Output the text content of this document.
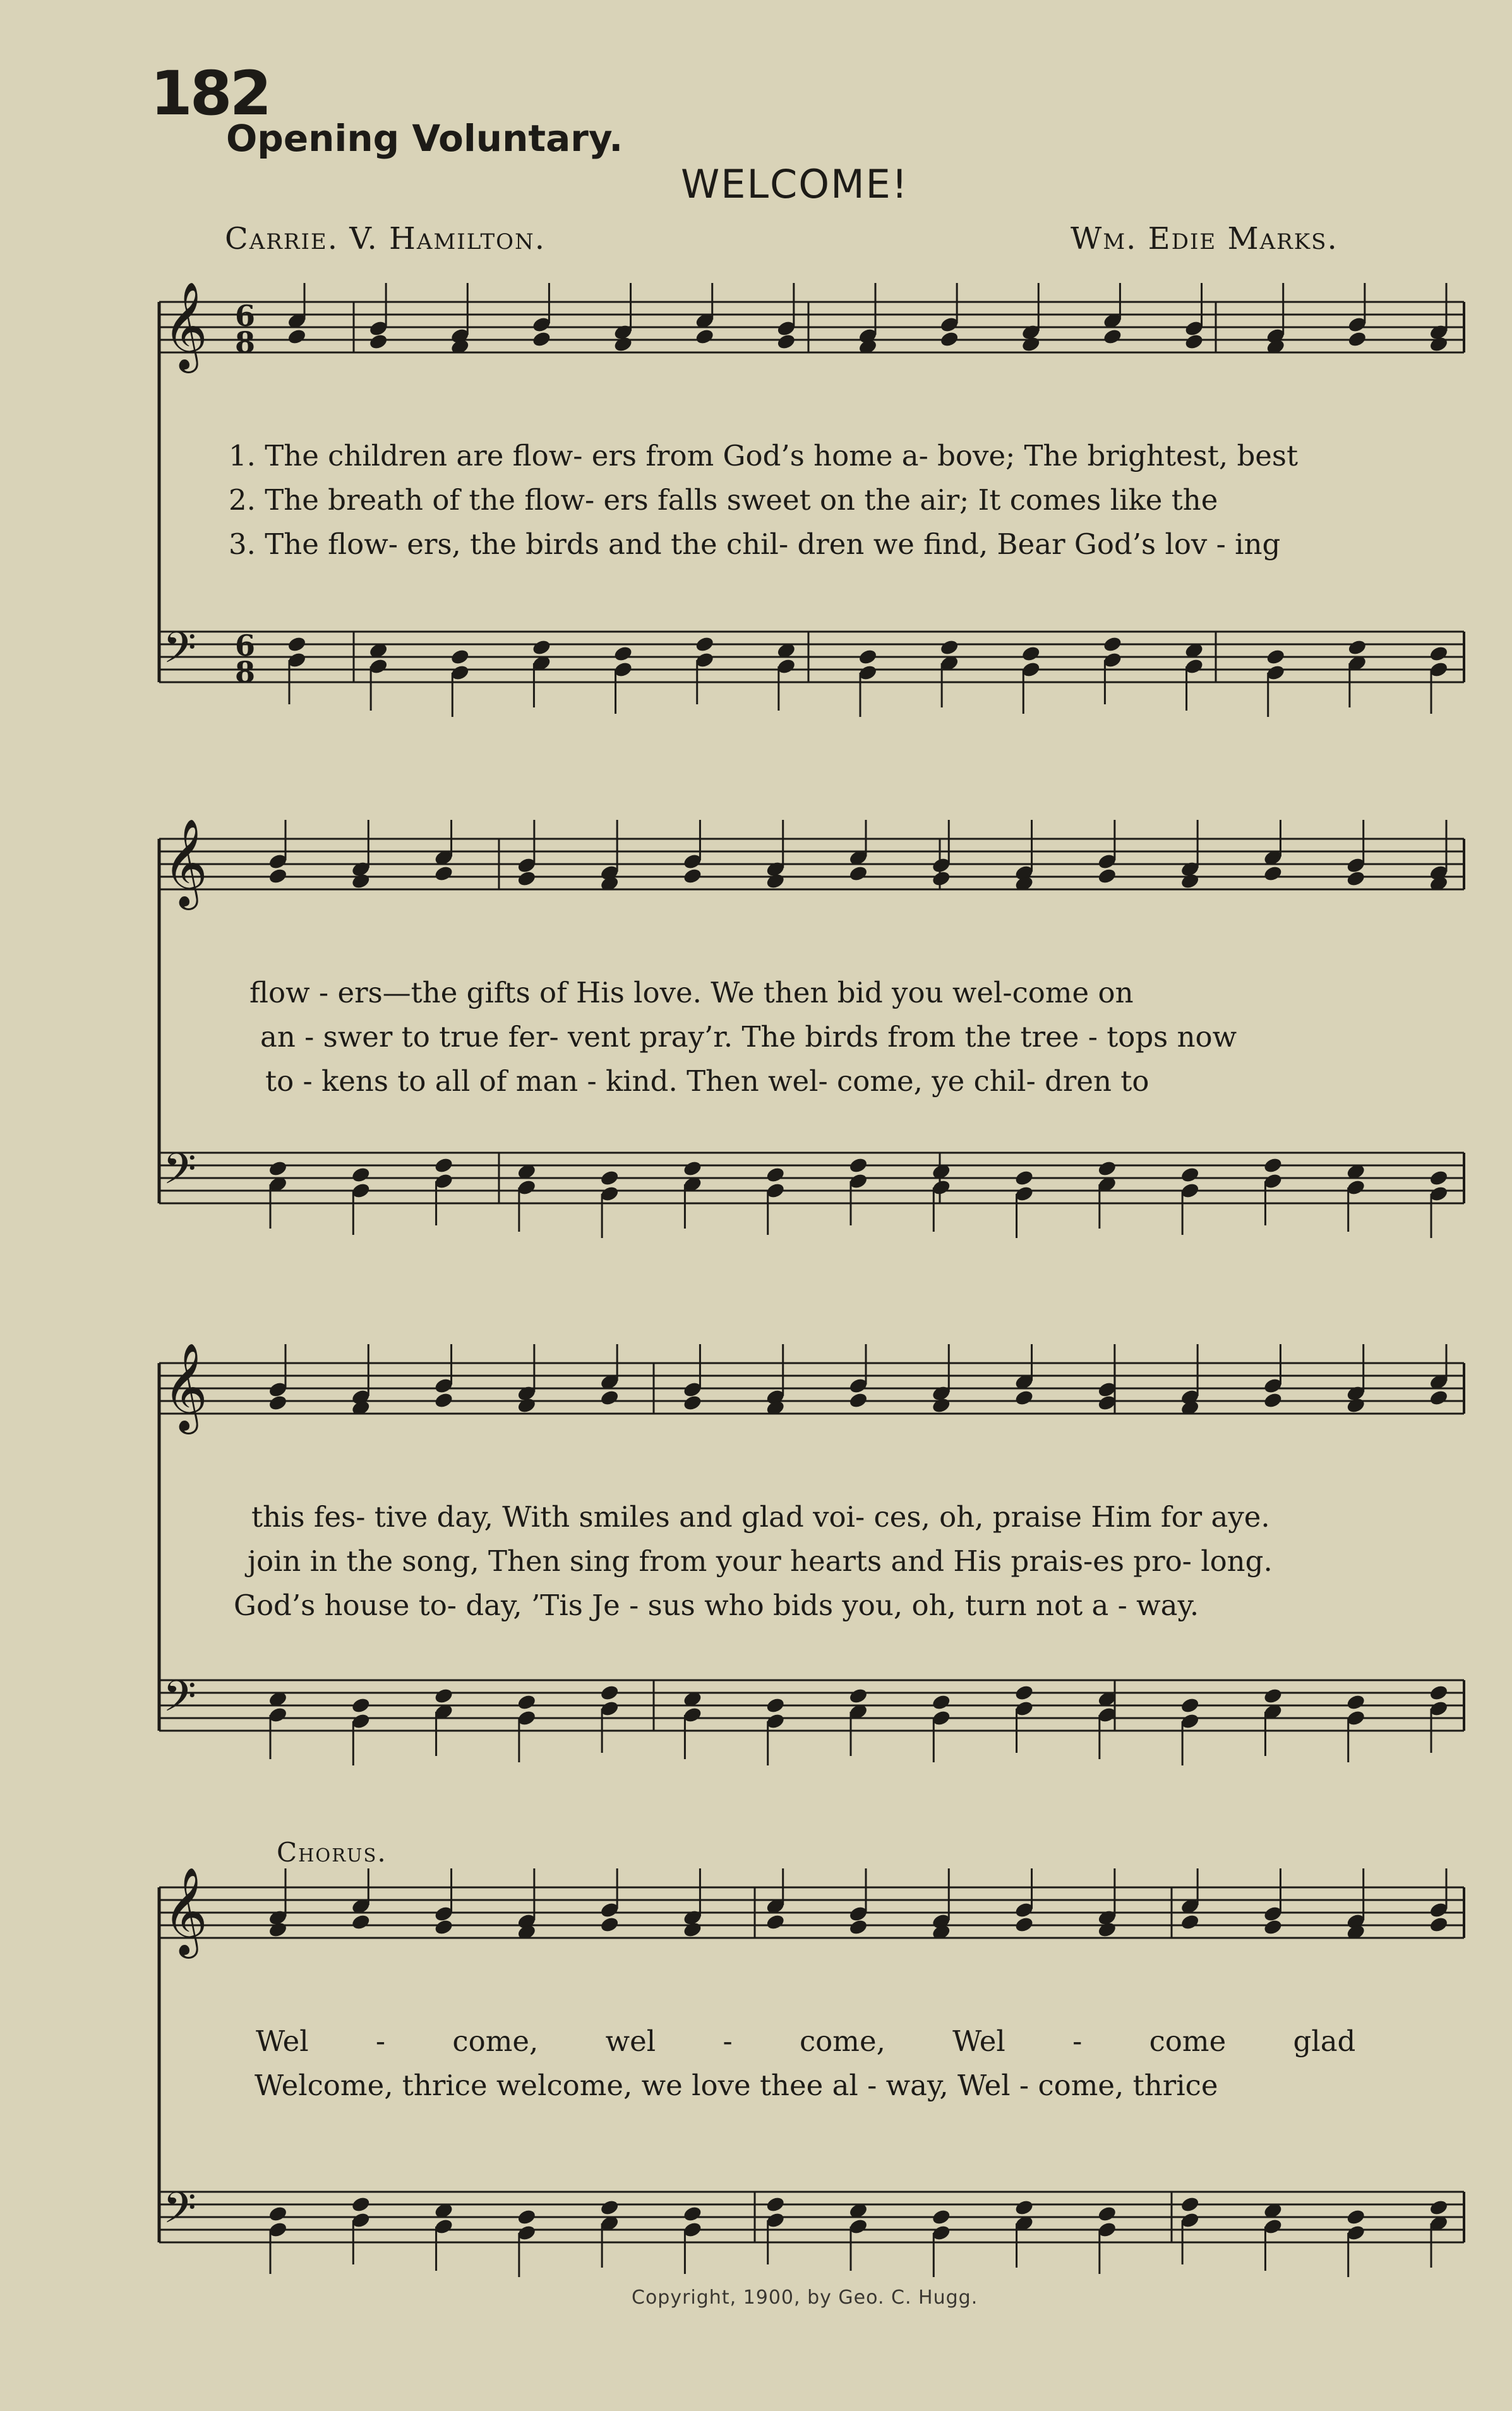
182
Opening Voluntary.
WELCOME!
Carrie. V. Hamilton.	Wm. Edie Marks.
𝄞
𝄢
𝄞
𝄢
𝄞
𝄢
𝄞
𝄢
6
8
6
8
1. The children are flow- ers from God’s home a- bove; The brightest, best
2. The breath of the flow- ers falls sweet on the air; It comes like the
3. The flow- ers, the birds and the chil- dren we find, Bear God’s lov - ing
flow - ers—the gifts of His love. We then bid you wel-come on
an - swer to true fer- vent pray’r. The birds from the tree - tops now
to - kens to all of man - kind. Then wel- come, ye chil- dren to
this fes- tive day, With smiles and glad voi- ces, oh, praise Him for aye.
join in the song, Then sing from your hearts and His prais-es pro- long.
God’s house to- day, ’Tis Je - sus who bids you, oh, turn not a - way.
Chorus.
Wel - come, wel - come, Wel - come glad
Welcome, thrice welcome, we love thee al - way, Wel - come, thrice
Copyright, 1900, by Geo. C. Hugg.
